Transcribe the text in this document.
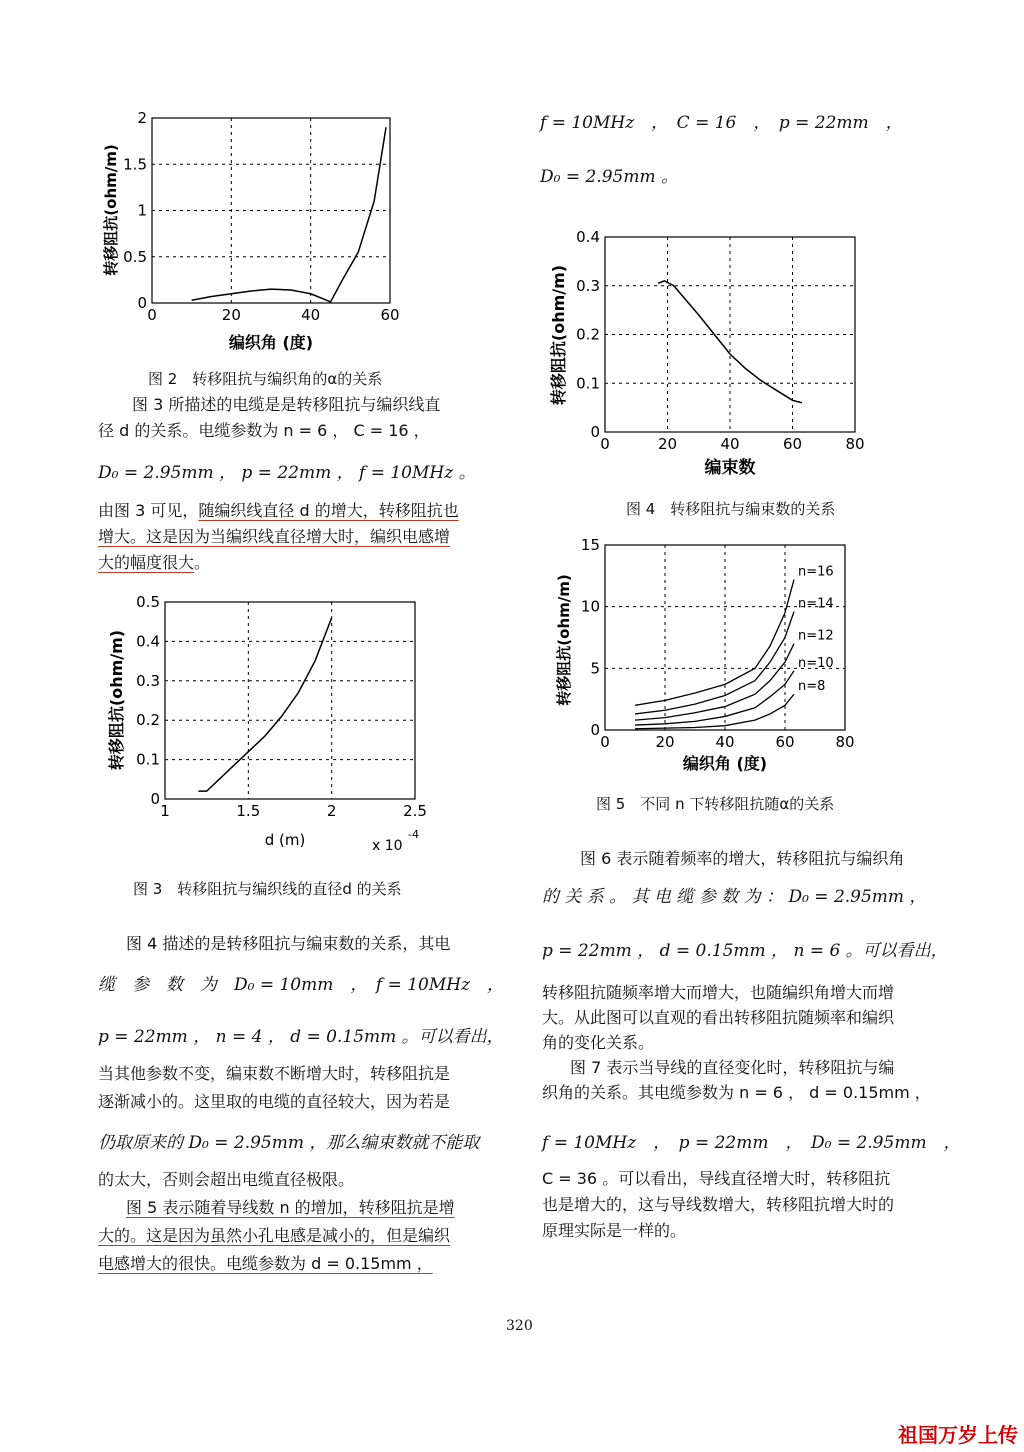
0	20	40	60
0
0.5
1
1.5
2
转移阻抗(ohm/m)
编织角 (度)
图 2　转移阻抗与编织角的α的关系
图 3 所描述的电缆是是转移阻抗与编织线直
径 d 的关系。电缆参数为 n = 6 ， C = 16 ，
D₀ = 2.95mm ， p = 22mm ， f = 10MHz 。
由图 3 可见，随编织线直径 d 的增大，转移阻抗也
增大。这是因为当编织线直径增大时，编织电感增
大的幅度很大。
1	1.5	2	2.5
0
0.1
0.2
0.3
0.4
0.5
转移阻抗(ohm/m)
d (m)	x 10
-4
图 3　转移阻抗与编织线的直径d 的关系
图 4 描述的是转移阻抗与编束数的关系，其电
缆　参　数　为　D₀ = 10mm　，　f = 10MHz　，
p = 22mm ， n = 4 ， d = 0.15mm 。可以看出，
当其他参数不变，编束数不断增大时，转移阻抗是
逐渐减小的。这里取的电缆的直径较大，因为若是
仍取原来的 D₀ = 2.95mm ，那么编束数就不能取
的太大，否则会超出电缆直径极限。
图 5 表示随着导线数 n 的增加，转移阻抗是增
大的。这是因为虽然小孔电感是减小的，但是编织
电感增大的很快。电缆参数为 d = 0.15mm ，
f = 10MHz　，　C = 16　，　p = 22mm　，
D₀ = 2.95mm 。
0	20	40	60	80
0
0.1
0.2
0.3
0.4
转移阻抗(ohm/m)
编束数
图 4　转移阻抗与编束数的关系
n=16
n=14
n=12
n=10
n=8
0	20	40	60	80
0
5
10
15
转移阻抗(ohm/m)
编织角 (度)
图 5　不同 n 下转移阻抗随α的关系
图 6 表示随着频率的增大，转移阻抗与编织角
的 关 系 。 其 电 缆 参 数 为 ： D₀ = 2.95mm ，
p = 22mm ， d = 0.15mm ， n = 6 。可以看出，
转移阻抗随频率增大而增大，也随编织角增大而增
大。从此图可以直观的看出转移阻抗随频率和编织
角的变化关系。
图 7 表示当导线的直径变化时，转移阻抗与编
织角的关系。其电缆参数为 n = 6 ， d = 0.15mm ，
f = 10MHz　，　p = 22mm　，　D₀ = 2.95mm　，
C = 36 。可以看出，导线直径增大时，转移阻抗
也是增大的，这与导线数增大，转移阻抗增大时的
原理实际是一样的。
320
祖国万岁上传
